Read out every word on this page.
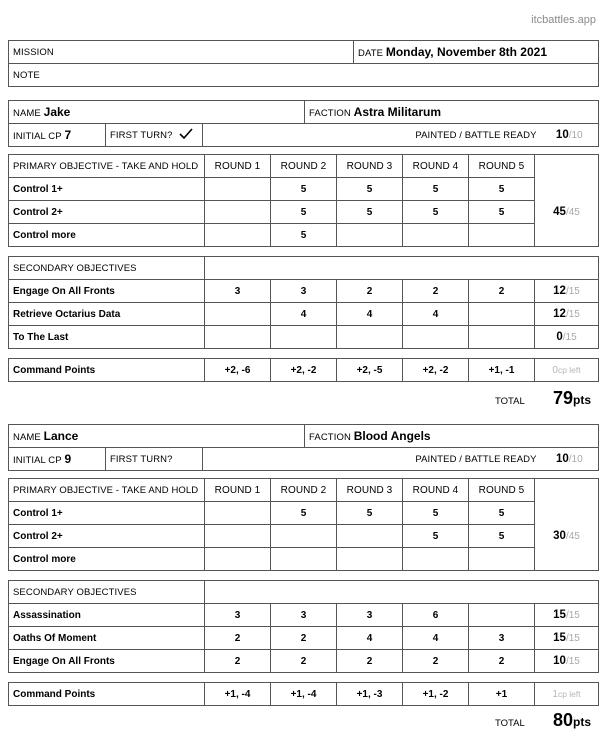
itcbattles.app
MISSION	DATE Monday, November 8th 2021
NOTE
NAME Jake			FACTION Astra Militarum	
INITIAL CP 7	FIRST TURN?	PAINTED / BATTLE READY		10/10
PRIMARY OBJECTIVE - TAKE AND HOLD	ROUND 1	ROUND 2	ROUND 3	ROUND 4	ROUND 5	
Control 1+		5	5	5	5	
Control 2+		5	5	5	5	45/45
Control more		5				
SECONDARY OBJECTIVES						
Engage On All Fronts	3	3	2	2	2	12/15
Retrieve Octarius Data		4	4	4		12/15
To The Last						0/15
Command Points	+2, -6	+2, -2	+2, -5	+2, -2	+1, -1	0cp left
TOTAL 79pts
NAME Lance			FACTION Blood Angels	
INITIAL CP 9	FIRST TURN?	PAINTED / BATTLE READY		10/10
PRIMARY OBJECTIVE - TAKE AND HOLD	ROUND 1	ROUND 2	ROUND 3	ROUND 4	ROUND 5	
Control 1+		5	5	5	5	
Control 2+				5	5	30/45
Control more						
SECONDARY OBJECTIVES						
Assassination	3	3	3	6		15/15
Oaths Of Moment	2	2	4	4	3	15/15
Engage On All Fronts	2	2	2	2	2	10/15
Command Points	+1, -4	+1, -4	+1, -3	+1, -2	+1	1cp left
TOTAL 80pts
